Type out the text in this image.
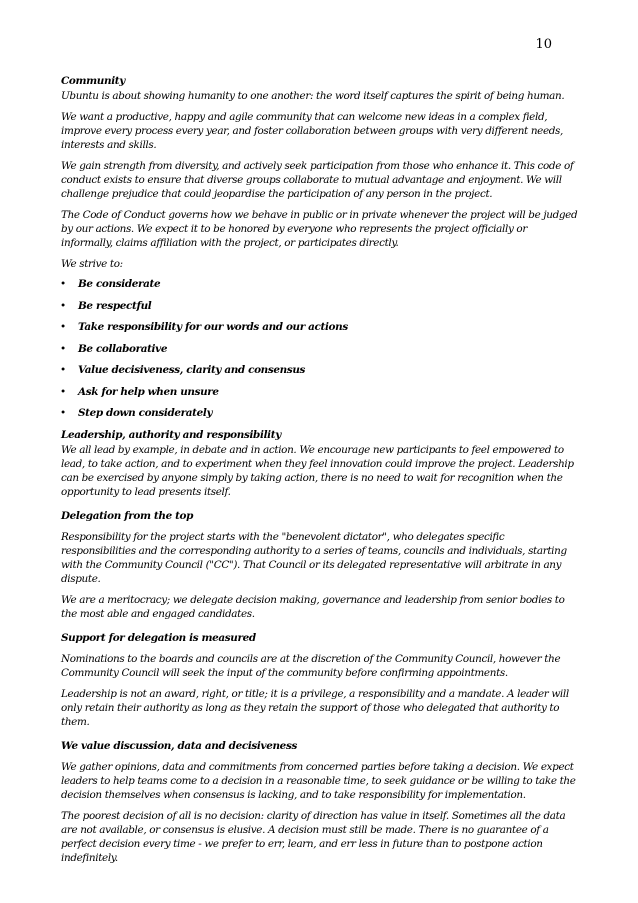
10

Community

Ubuntu is about showing humanity to one another: the word itself captures the spirit of being human.

We want a productive, happy and agile community that can welcome new ideas in a complex field, improve every process every year, and foster collaboration between groups with very different needs, interests and skills.

We gain strength from diversity, and actively seek participation from those who enhance it. This code of conduct exists to ensure that diverse groups collaborate to mutual advantage and enjoyment. We will challenge prejudice that could jeopardise the participation of any person in the project.

The Code of Conduct governs how we behave in public or in private whenever the project will be judged by our actions. We expect it to be honored by everyone who represents the project officially or informally, claims affiliation with the project, or participates directly.

We strive to:

• Be considerate
• Be respectful
• Take responsibility for our words and our actions
• Be collaborative
• Value decisiveness, clarity and consensus
• Ask for help when unsure
• Step down considerately

Leadership, authority and responsibility

We all lead by example, in debate and in action. We encourage new participants to feel empowered to lead, to take action, and to experiment when they feel innovation could improve the project. Leadership can be exercised by anyone simply by taking action, there is no need to wait for recognition when the opportunity to lead presents itself.

Delegation from the top

Responsibility for the project starts with the "benevolent dictator", who delegates specific responsibilities and the corresponding authority to a series of teams, councils and individuals, starting with the Community Council ("CC"). That Council or its delegated representative will arbitrate in any dispute.

We are a meritocracy; we delegate decision making, governance and leadership from senior bodies to the most able and engaged candidates.

Support for delegation is measured

Nominations to the boards and councils are at the discretion of the Community Council, however the Community Council will seek the input of the community before confirming appointments.

Leadership is not an award, right, or title; it is a privilege, a responsibility and a mandate. A leader will only retain their authority as long as they retain the support of those who delegated that authority to them.

We value discussion, data and decisiveness

We gather opinions, data and commitments from concerned parties before taking a decision. We expect leaders to help teams come to a decision in a reasonable time, to seek guidance or be willing to take the decision themselves when consensus is lacking, and to take responsibility for implementation.

The poorest decision of all is no decision: clarity of direction has value in itself. Sometimes all the data are not available, or consensus is elusive. A decision must still be made. There is no guarantee of a perfect decision every time - we prefer to err, learn, and err less in future than to postpone action indefinitely.
